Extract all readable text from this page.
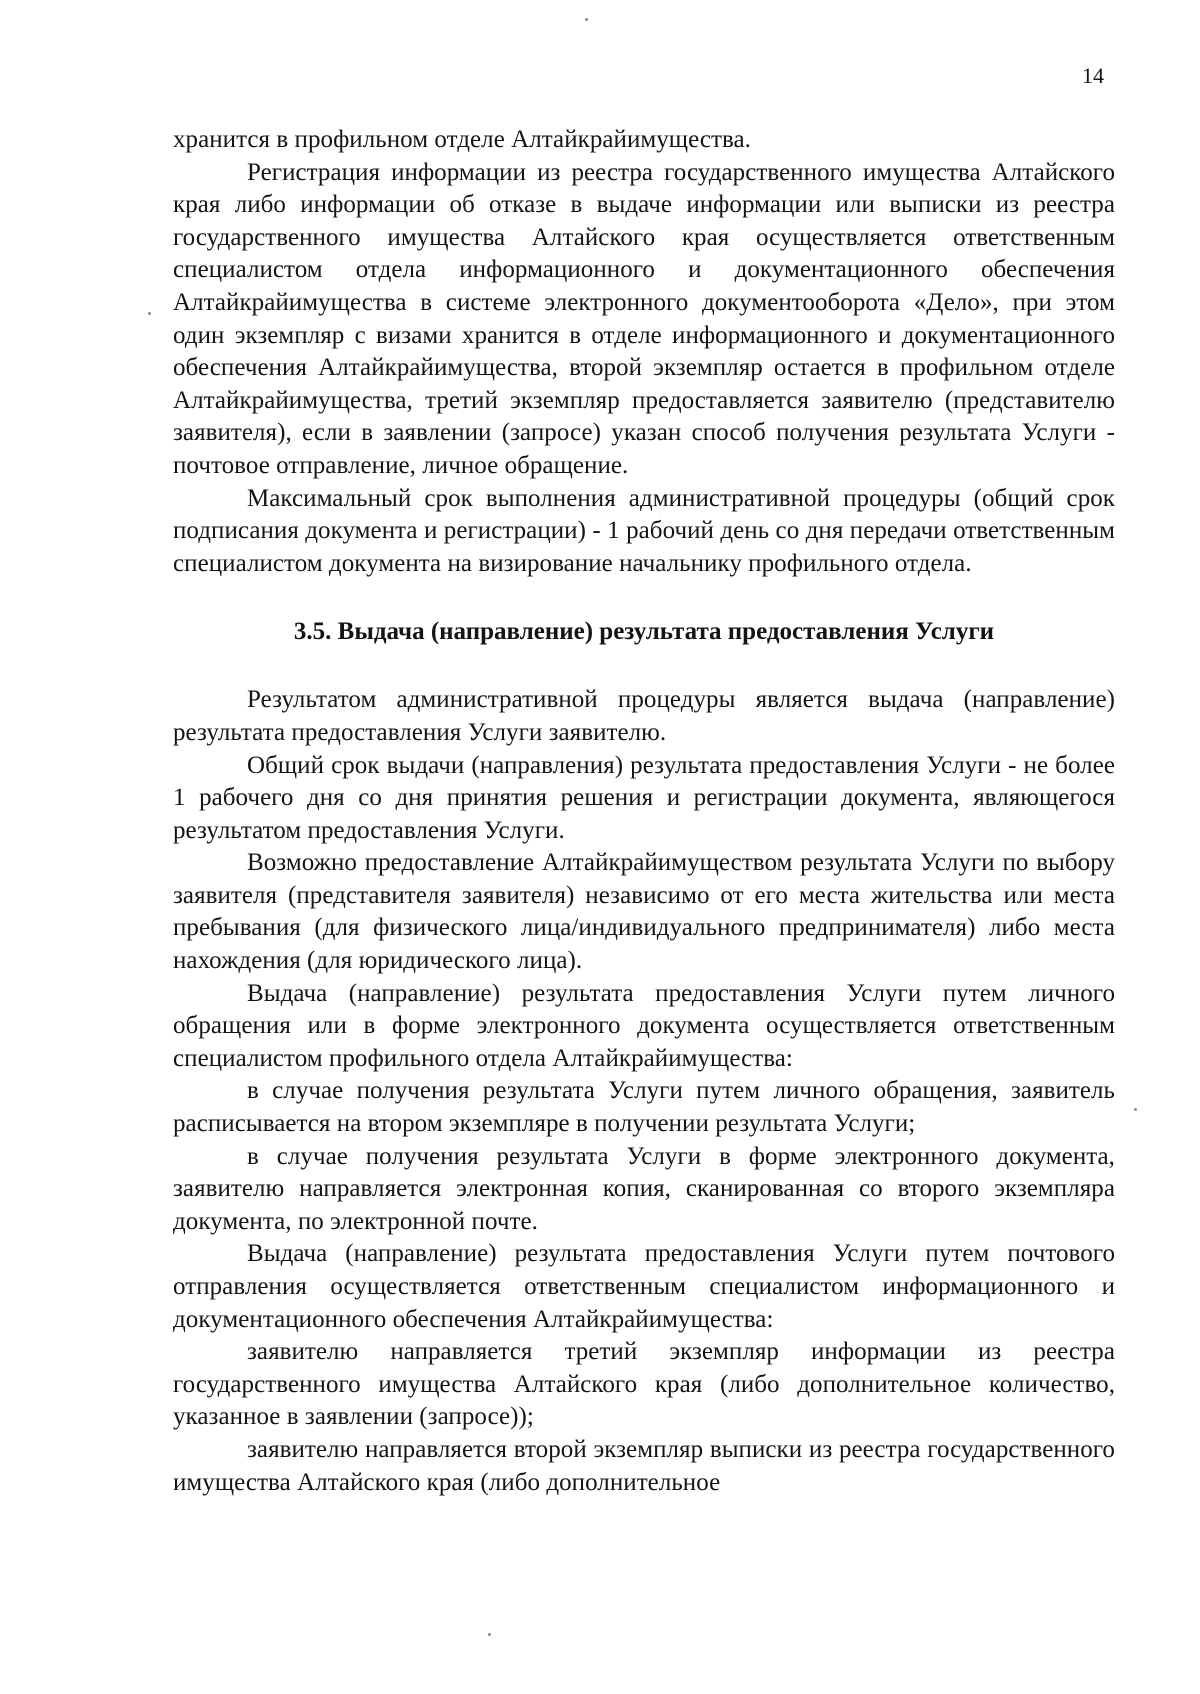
14

хранится в профильном отделе Алтайкрайимущества.

Регистрация информации из реестра государственного имущества Алтайского края либо информации об отказе в выдаче информации или выписки из реестра государственного имущества Алтайского края осуществляется ответственным специалистом отдела информационного и документационного обеспечения Алтайкрайимущества в системе электронного документооборота «Дело», при этом один экземпляр с визами хранится в отделе информационного и документационного обеспечения Алтайкрайимущества, второй экземпляр остается в профильном отделе Алтайкрайимущества, третий экземпляр предоставляется заявителю (представителю заявителя), если в заявлении (запросе) указан способ получения результата Услуги - почтовое отправление, личное обращение.

Максимальный срок выполнения административной процедуры (общий срок подписания документа и регистрации) - 1 рабочий день со дня передачи ответственным специалистом документа на визирование начальнику профильного отдела.

3.5. Выдача (направление) результата предоставления Услуги

Результатом административной процедуры является выдача (направление) результата предоставления Услуги заявителю.

Общий срок выдачи (направления) результата предоставления Услуги - не более 1 рабочего дня со дня принятия решения и регистрации документа, являющегося результатом предоставления Услуги.

Возможно предоставление Алтайкрайимуществом результата Услуги по выбору заявителя (представителя заявителя) независимо от его места жительства или места пребывания (для физического лица/индивидуального предпринимателя) либо места нахождения (для юридического лица).

Выдача (направление) результата предоставления Услуги путем личного обращения или в форме электронного документа осуществляется ответственным специалистом профильного отдела Алтайкрайимущества:

в случае получения результата Услуги путем личного обращения, заявитель расписывается на втором экземпляре в получении результата Услуги;

в случае получения результата Услуги в форме электронного документа, заявителю направляется электронная копия, сканированная со второго экземпляра документа, по электронной почте.

Выдача (направление) результата предоставления Услуги путем почтового отправления осуществляется ответственным специалистом информационного и документационного обеспечения Алтайкрайимущества:

заявителю направляется третий экземпляр информации из реестра государственного имущества Алтайского края (либо дополнительное количество, указанное в заявлении (запросе));

заявителю направляется второй экземпляр выписки из реестра государственного имущества Алтайского края (либо дополнительное
